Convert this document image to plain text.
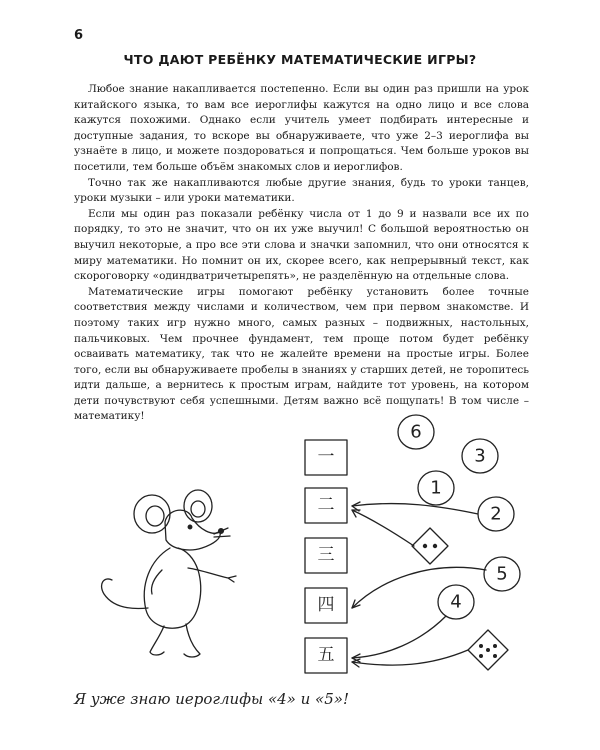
6
ЧТО ДАЮТ РЕБЁНКУ МАТЕМАТИЧЕСКИЕ ИГРЫ?

Любое знание накапливается постепенно. Если вы один раз пришли на урок китайского языка, то вам все иероглифы кажутся на одно лицо и все слова кажутся похожими. Однако если учитель умеет подбирать интересные и доступные задания, то вскоре вы обнаруживаете, что уже 2–3 иероглифа вы узнаёте в лицо, и можете поздороваться и попрощаться. Чем больше уроков вы посетили, тем больше объём знакомых слов и иероглифов.

Точно так же накапливаются любые другие знания, будь то уроки танцев, уроки музыки – или уроки математики.

Если мы один раз показали ребёнку числа от 1 до 9 и назвали все их по порядку, то это не значит, что он их уже выучил! С большой вероятностью он выучил некоторые, а про все эти слова и значки запомнил, что они относятся к миру математики. Но помнит он их, скорее всего, как непрерывный текст, как скороговорку «одиндватричетырепять», не разделённую на отдельные слова.

Математические игры помогают ребёнку установить более точные соответствия между числами и количеством, чем при первом знакомстве. И поэтому таких игр нужно много, самых разных – подвижных, настольных, пальчиковых. Чем прочнее фундамент, тем проще потом будет ребёнку осваивать математику, так что не жалейте времени на простые игры. Более того, если вы обнаруживаете пробелы в знаниях у старших детей, не торопитесь идти дальше, а вернитесь к простым играм, найдите тот уровень, на котором дети почувствуют себя успешными. Детям важно всё пощупать! В том числе – математику!

一
二
三
四
五
6
3
1
2
5
4
Я уже знаю иероглифы «4» и «5»!
